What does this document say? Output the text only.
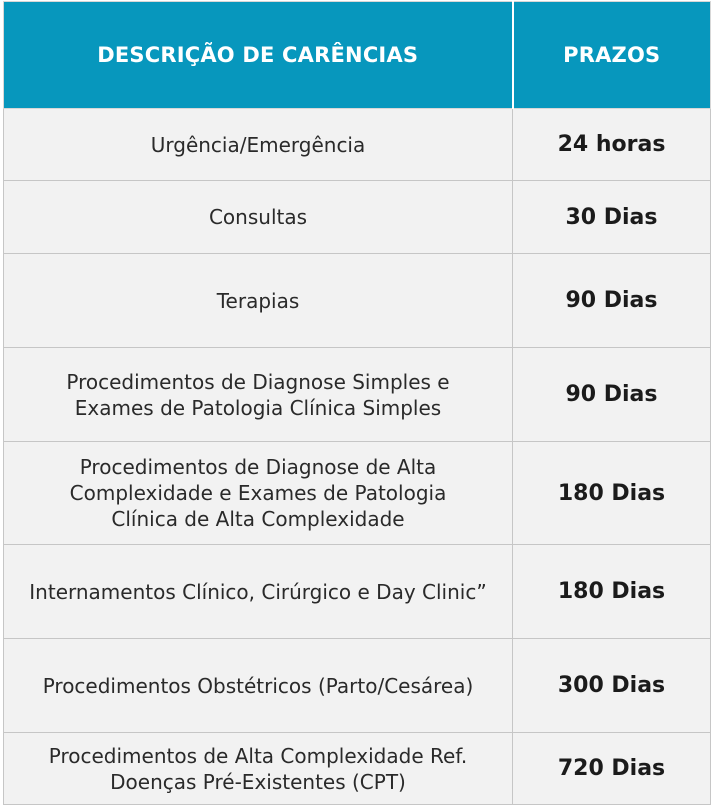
DESCRIÇÃO DE CARÊNCIAS	PRAZOS

Urgência/Emergência	24 horas

Consultas	30 Dias

Terapias	90 Dias

Procedimentos de Diagnose Simples e
Exames de Patologia Clínica Simples	90 Dias

Procedimentos de Diagnose de Alta
Complexidade e Exames de Patologia
Clínica de Alta Complexidade	180 Dias

Internamentos Clínico, Cirúrgico e Day Clinic”	180 Dias

Procedimentos Obstétricos (Parto/Cesárea)	300 Dias

Procedimentos de Alta Complexidade Ref.
Doenças Pré-Existentes (CPT)	720 Dias
